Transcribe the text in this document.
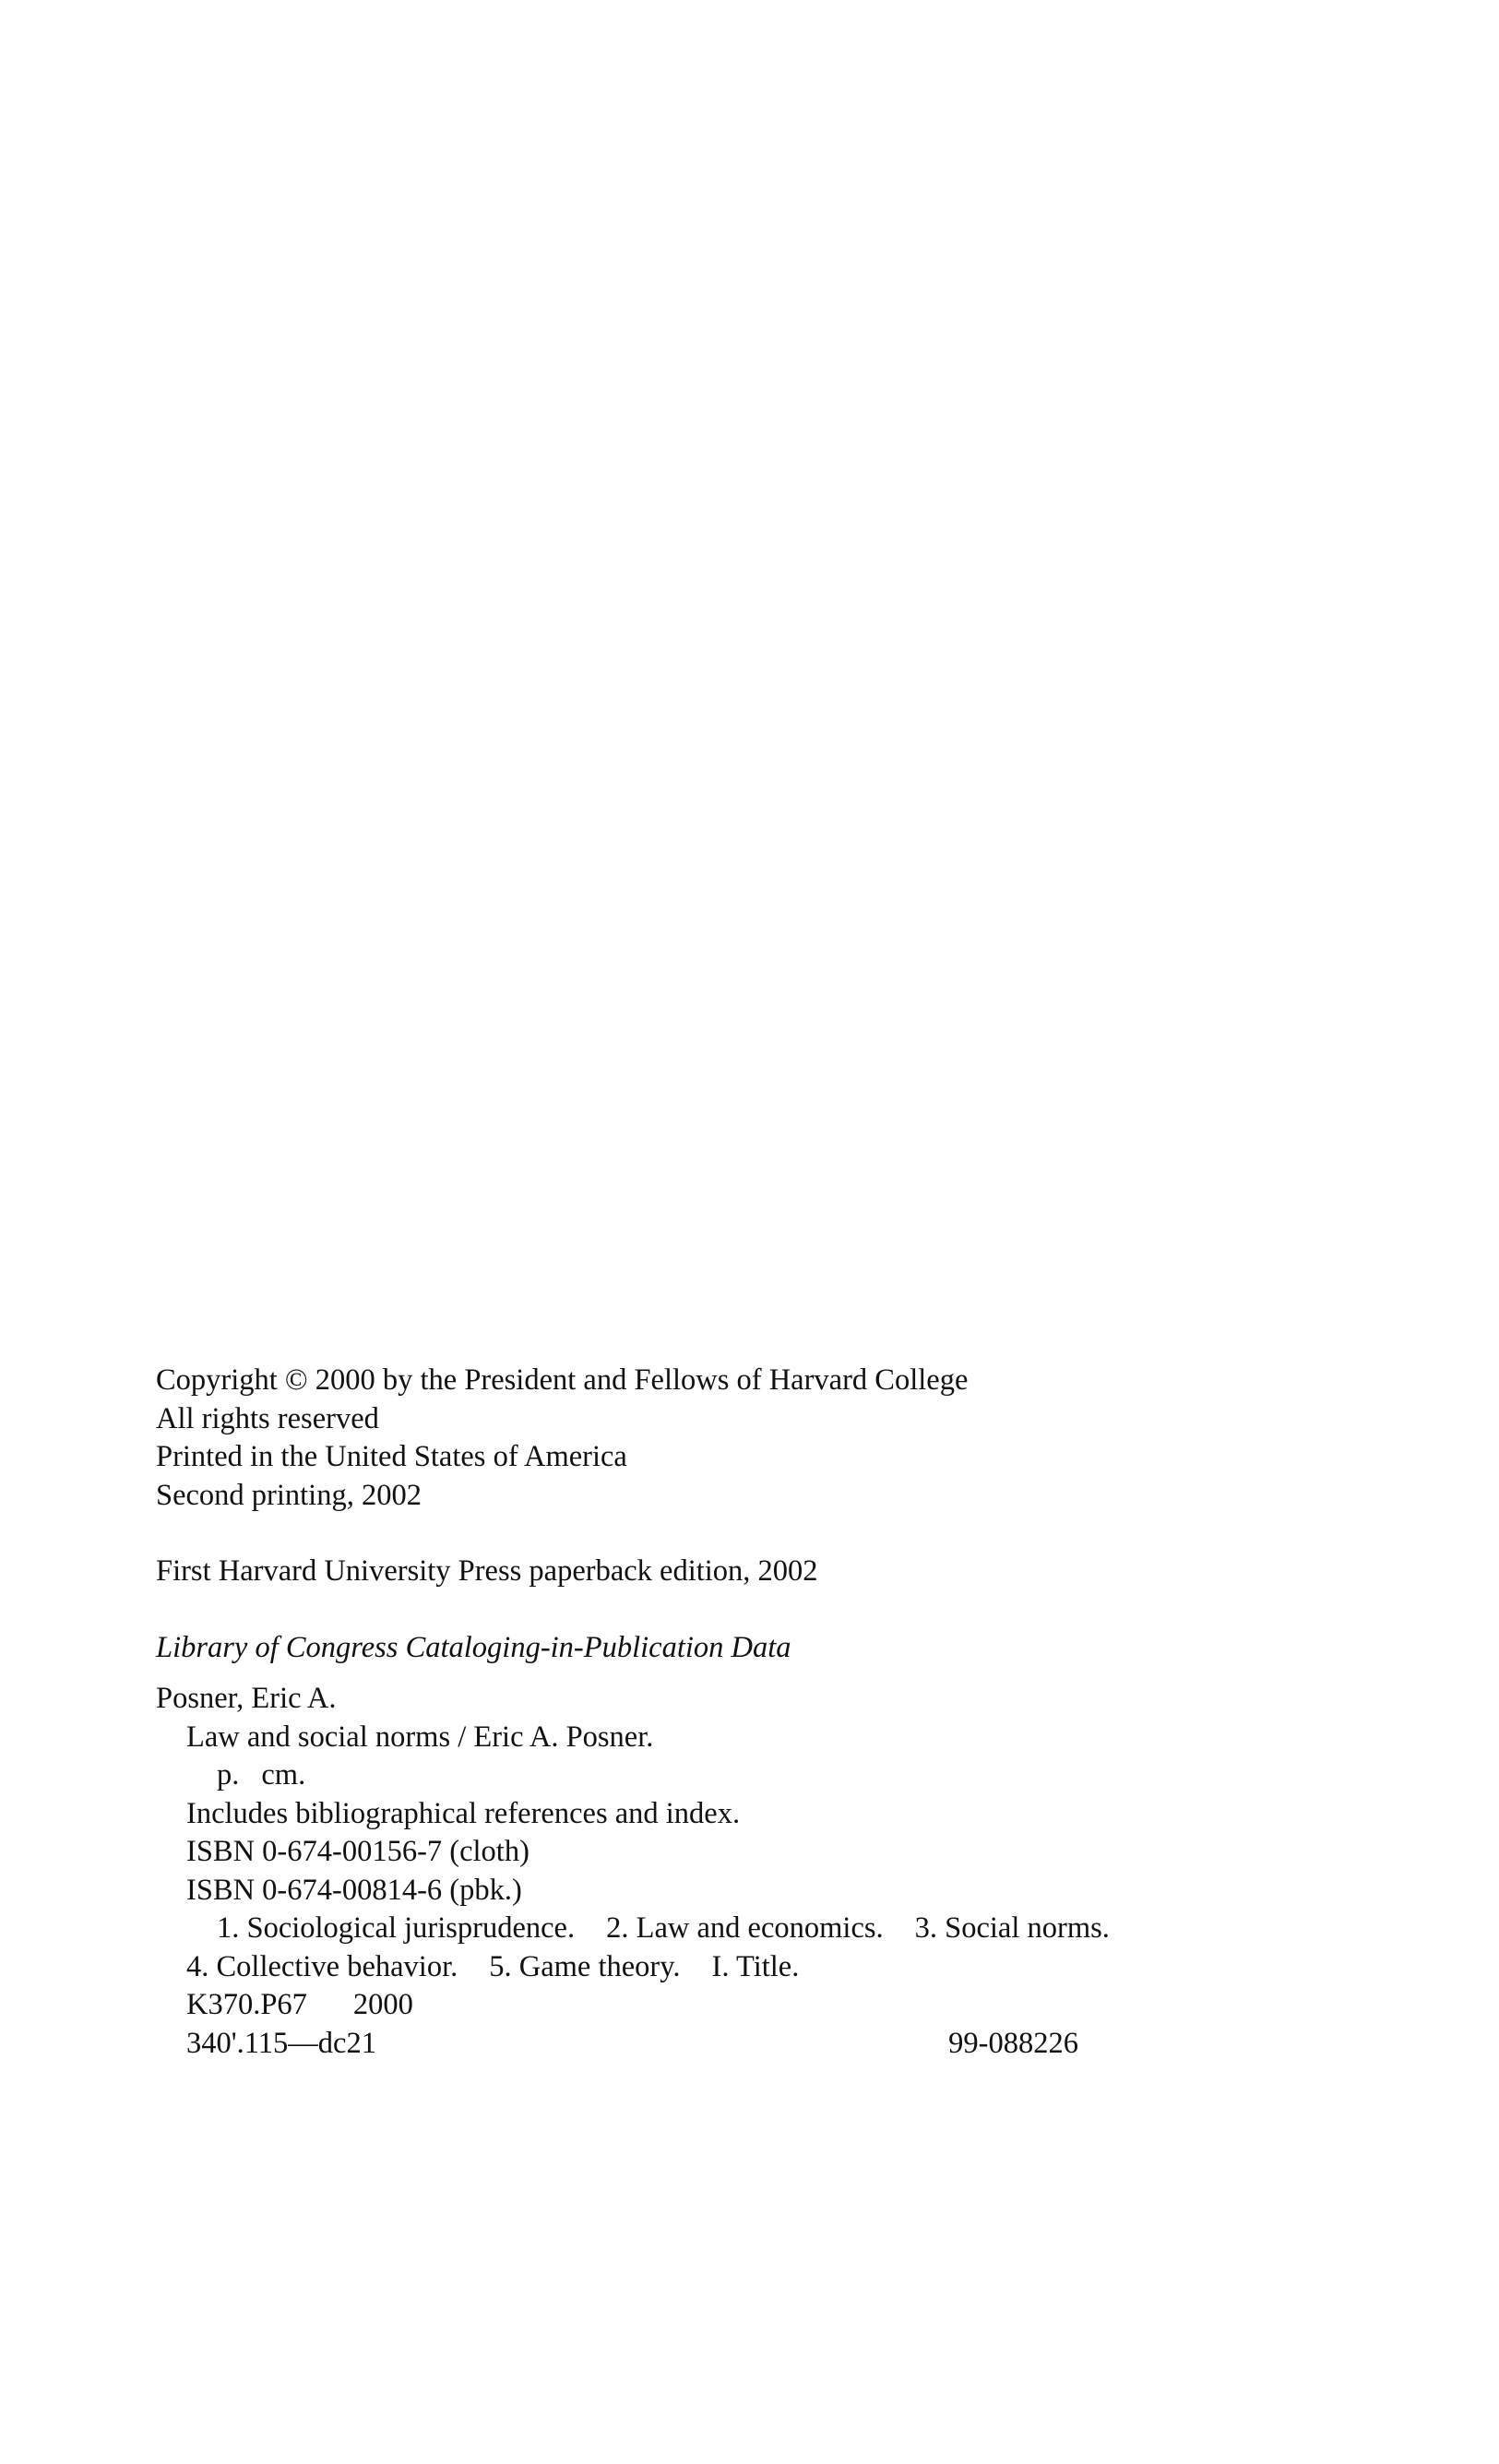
Copyright © 2000 by the President and Fellows of Harvard College
All rights reserved
Printed in the United States of America
Second printing, 2002
First Harvard University Press paperback edition, 2002
Library of Congress Cataloging-in-Publication Data
Posner, Eric A.
Law and social norms / Eric A. Posner.
p. cm.
Includes bibliographical references and index.
ISBN 0-674-00156-7 (cloth)
ISBN 0-674-00814-6 (pbk.)
1. Sociological jurisprudence. 2. Law and economics. 3. Social norms.
4. Collective behavior. 5. Game theory. I. Title.
K370.P67 2000
340'.115—dc21	99-088226
